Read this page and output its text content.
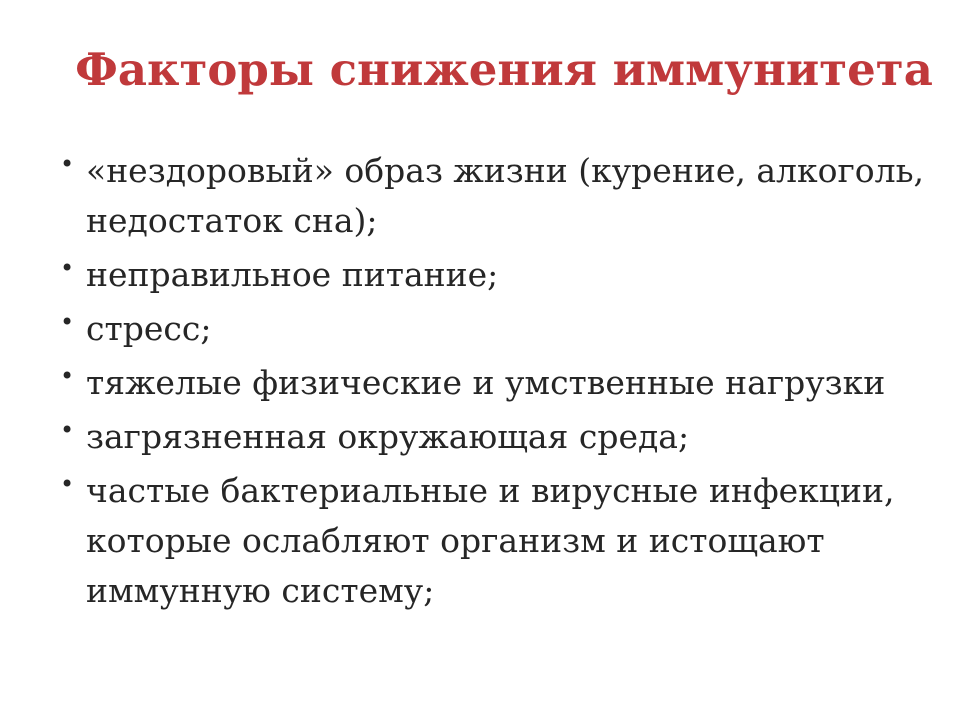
Факторы снижения иммунитета
• «нездоровый» образ жизни (курение, алкоголь, недостаток сна);
• неправильное питание;
• стресс;
• тяжелые физические и умственные нагрузки
• загрязненная окружающая среда;
• частые бактериальные и вирусные инфекции, которые ослабляют организм и истощают иммунную систему;
